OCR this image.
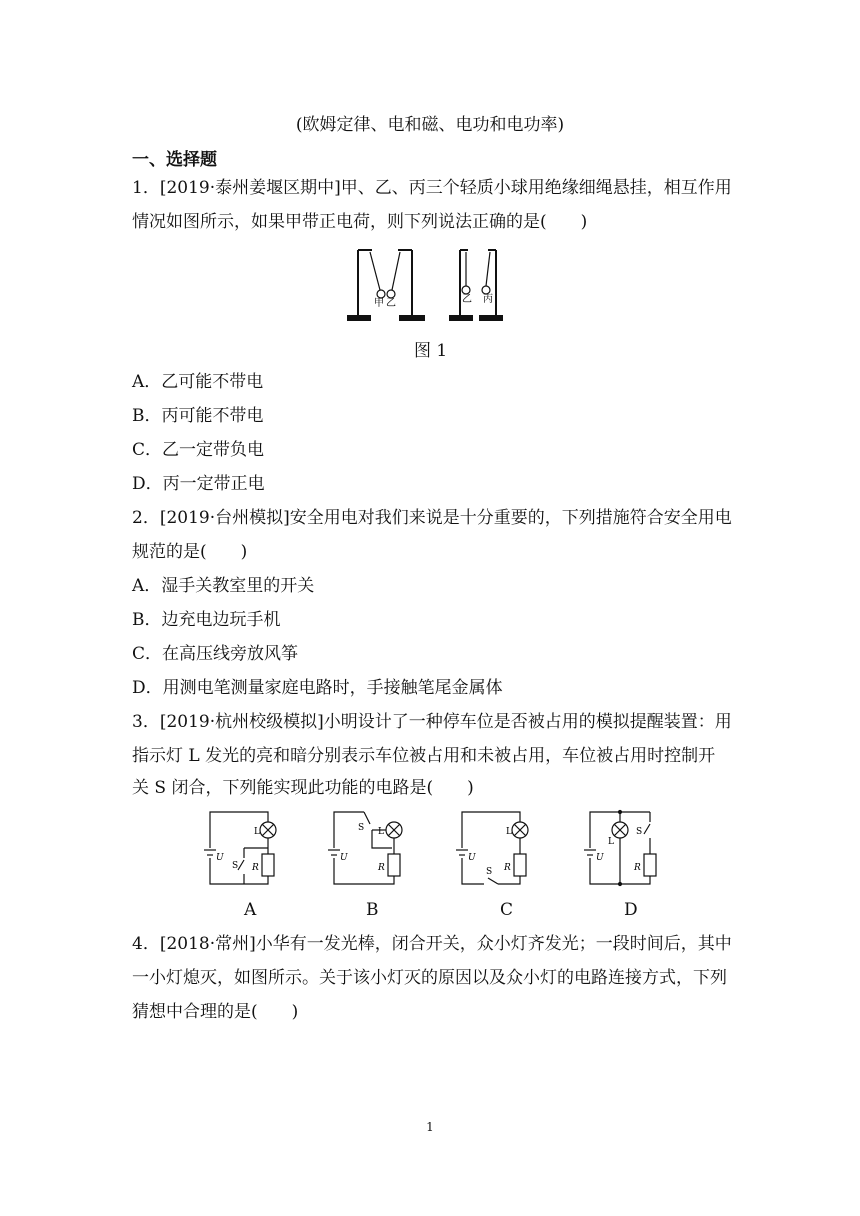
(欧姆定律、电和磁、电功和电功率)
一、选择题
1．[2019·泰州姜堰区期中]甲、乙、丙三个轻质小球用绝缘细绳悬挂，相互作用
情况如图所示，如果甲带正电荷，则下列说法正确的是(　　)
甲 乙	乙 丙
图 1
A．乙可能不带电
B．丙可能不带电
C．乙一定带负电
D．丙一定带正电
2．[2019·台州模拟]安全用电对我们来说是十分重要的，下列措施符合安全用电
规范的是(　　)
A．湿手关教室里的开关
B．边充电边玩手机
C．在高压线旁放风筝
D．用测电笔测量家庭电路时，手接触笔尾金属体
3．[2019·杭州校级模拟]小明设计了一种停车位是否被占用的模拟提醒装置：用
指示灯 L 发光的亮和暗分别表示车位被占用和未被占用，车位被占用时控制开
关 S 闭合，下列能实现此功能的电路是(　　)
L
S R
U
S L
R
U
L
S R
U
L
S
R
U
A	B	C	D
4．[2018·常州]小华有一发光棒，闭合开关，众小灯齐发光；一段时间后，其中
一小灯熄灭，如图所示。关于该小灯灭的原因以及众小灯的电路连接方式，下列
猜想中合理的是(　　)
1
